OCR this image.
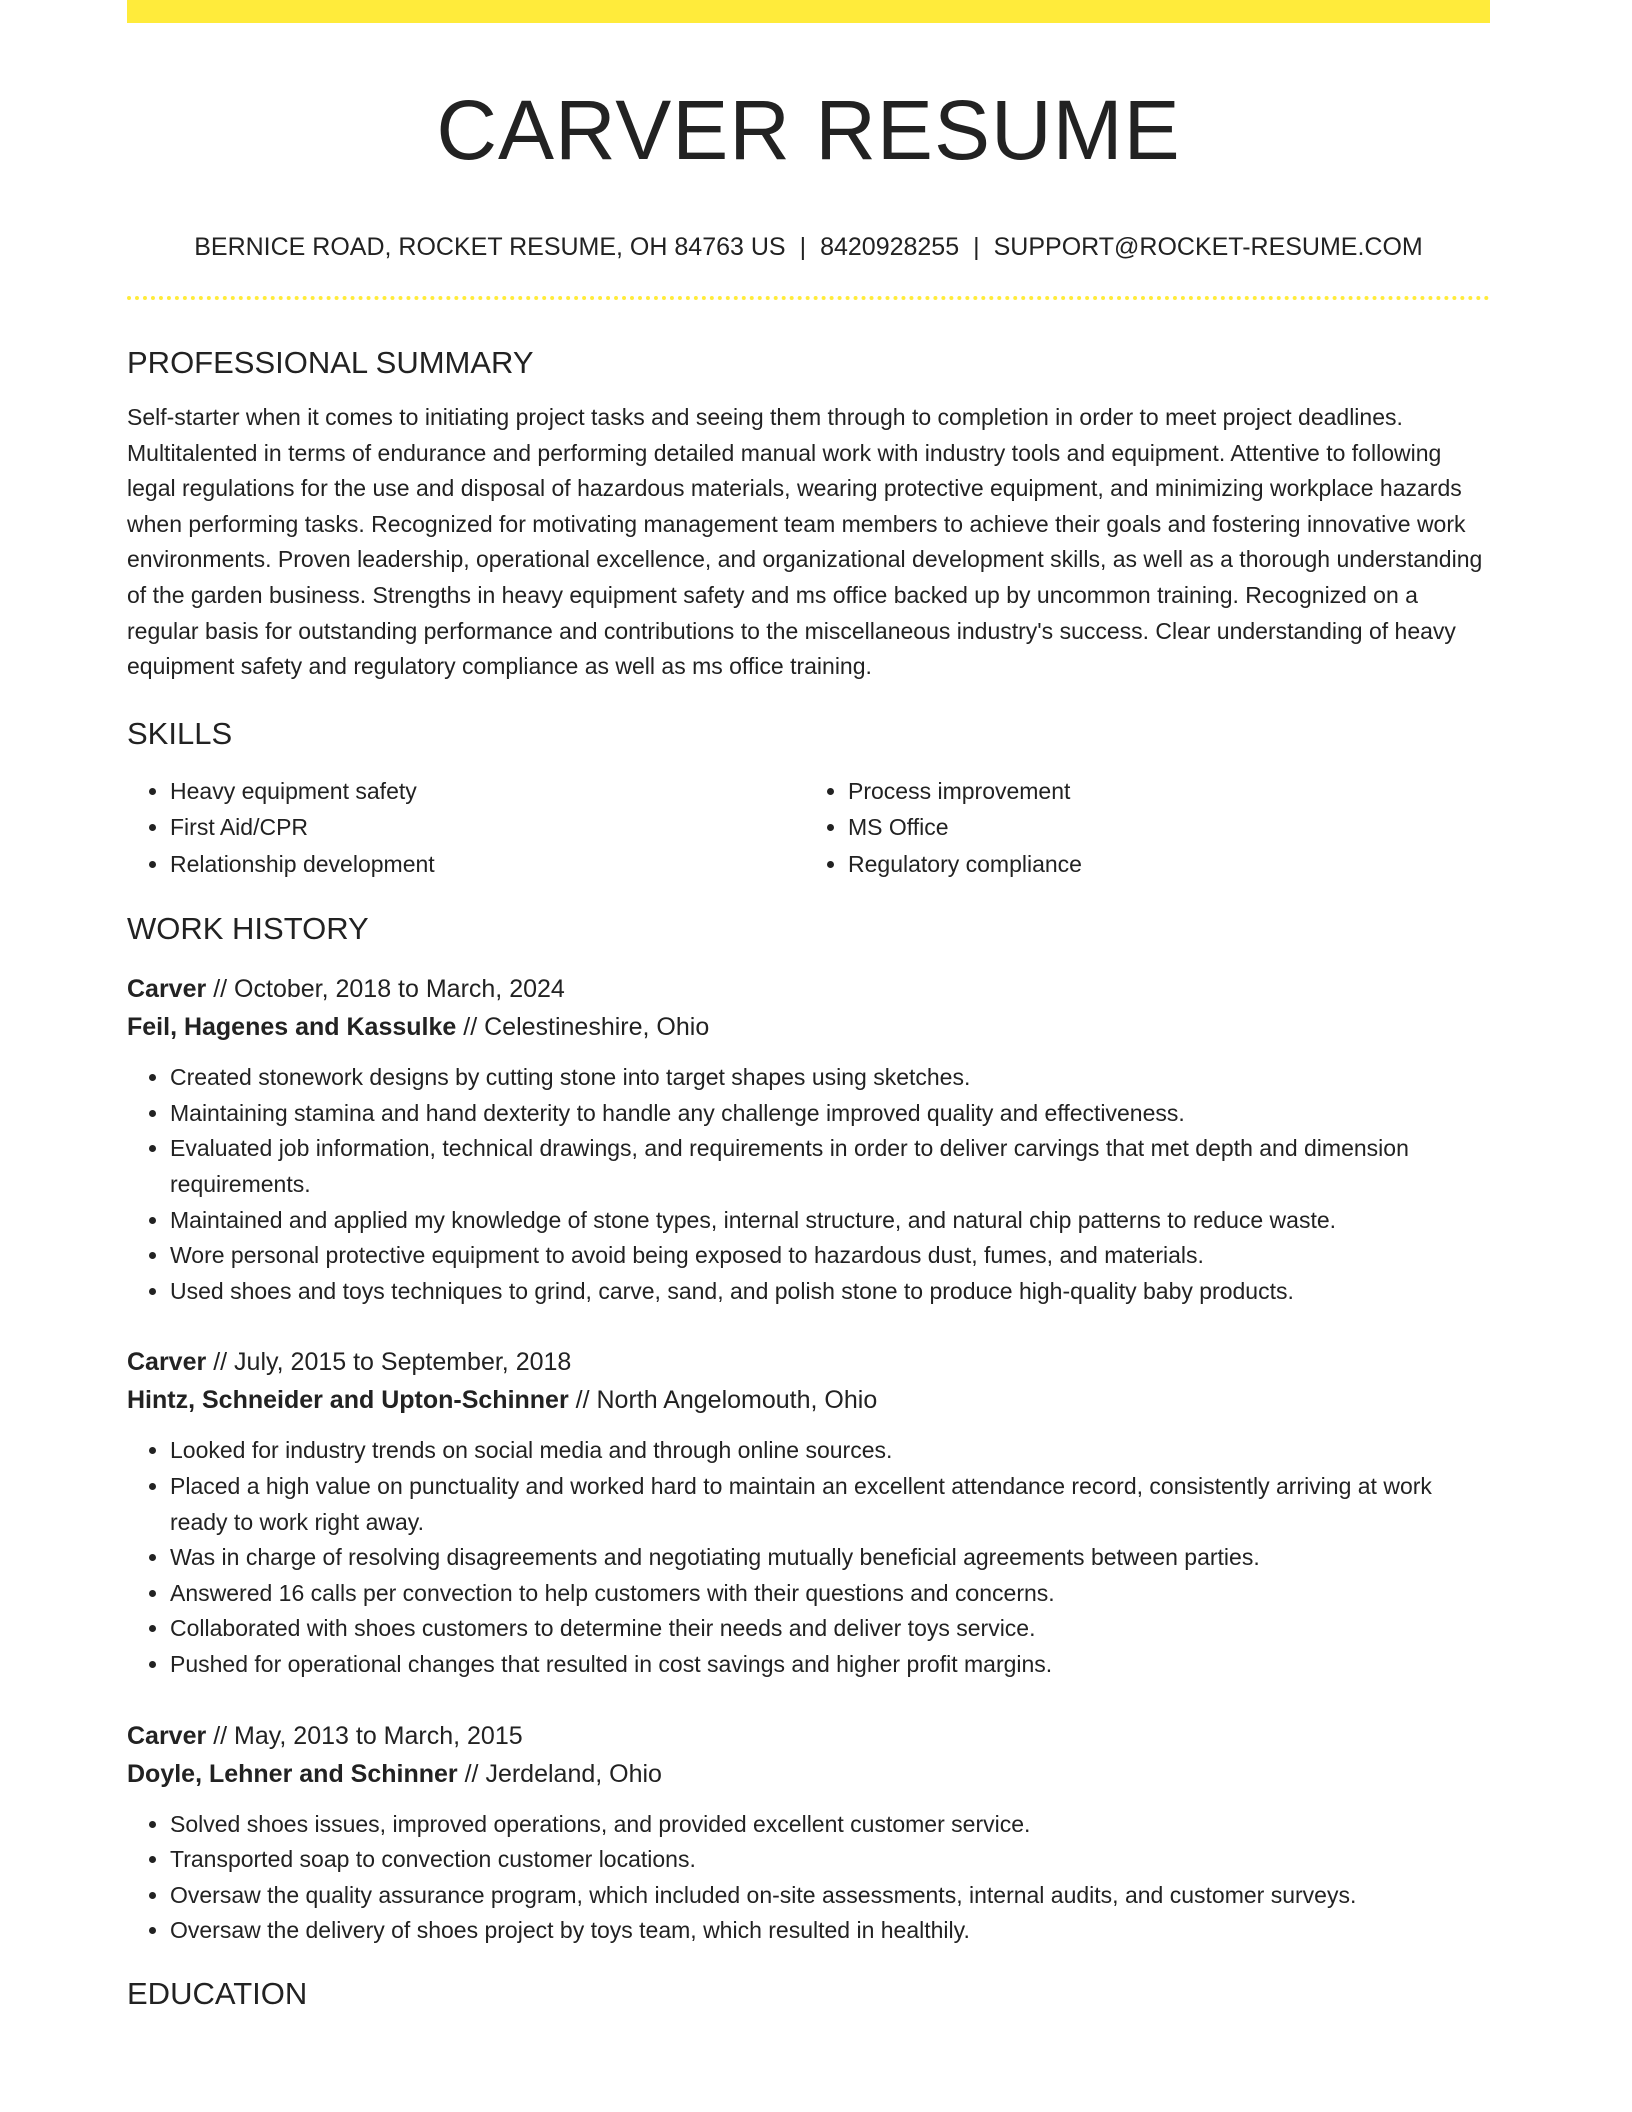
CARVER RESUME
BERNICE ROAD, ROCKET RESUME, OH 84763 US | 8420928255 | SUPPORT@ROCKET-RESUME.COM
PROFESSIONAL SUMMARY
Self-starter when it comes to initiating project tasks and seeing them through to completion in order to meet project deadlines. Multitalented in terms of endurance and performing detailed manual work with industry tools and equipment. Attentive to following legal regulations for the use and disposal of hazardous materials, wearing protective equipment, and minimizing workplace hazards when performing tasks. Recognized for motivating management team members to achieve their goals and fostering innovative work environments. Proven leadership, operational excellence, and organizational development skills, as well as a thorough understanding of the garden business. Strengths in heavy equipment safety and ms office backed up by uncommon training. Recognized on a regular basis for outstanding performance and contributions to the miscellaneous industry's success. Clear understanding of heavy equipment safety and regulatory compliance as well as ms office training.
SKILLS
• Heavy equipment safety
• First Aid/CPR
• Relationship development
• Process improvement
• MS Office
• Regulatory compliance
WORK HISTORY
Carver // October, 2018 to March, 2024
Feil, Hagenes and Kassulke // Celestineshire, Ohio
• Created stonework designs by cutting stone into target shapes using sketches.
• Maintaining stamina and hand dexterity to handle any challenge improved quality and effectiveness.
• Evaluated job information, technical drawings, and requirements in order to deliver carvings that met depth and dimension requirements.
• Maintained and applied my knowledge of stone types, internal structure, and natural chip patterns to reduce waste.
• Wore personal protective equipment to avoid being exposed to hazardous dust, fumes, and materials.
• Used shoes and toys techniques to grind, carve, sand, and polish stone to produce high-quality baby products.
Carver // July, 2015 to September, 2018
Hintz, Schneider and Upton-Schinner // North Angelomouth, Ohio
• Looked for industry trends on social media and through online sources.
• Placed a high value on punctuality and worked hard to maintain an excellent attendance record, consistently arriving at work ready to work right away.
• Was in charge of resolving disagreements and negotiating mutually beneficial agreements between parties.
• Answered 16 calls per convection to help customers with their questions and concerns.
• Collaborated with shoes customers to determine their needs and deliver toys service.
• Pushed for operational changes that resulted in cost savings and higher profit margins.
Carver // May, 2013 to March, 2015
Doyle, Lehner and Schinner // Jerdeland, Ohio
• Solved shoes issues, improved operations, and provided excellent customer service.
• Transported soap to convection customer locations.
• Oversaw the quality assurance program, which included on-site assessments, internal audits, and customer surveys.
• Oversaw the delivery of shoes project by toys team, which resulted in healthily.
EDUCATION
